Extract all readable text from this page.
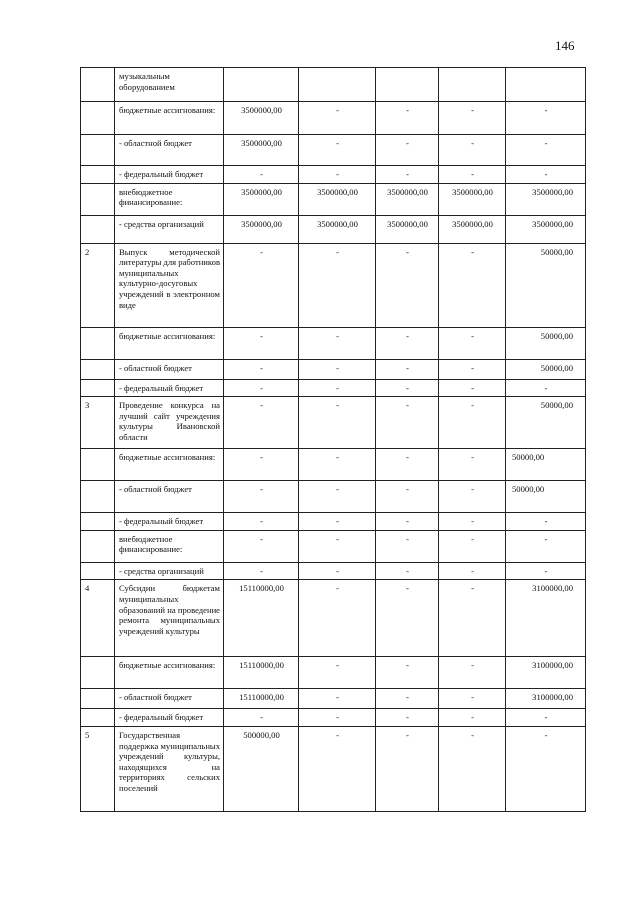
146
	музыкальным оборудованием					
	бюджетные ассигнования:	3500000,00	-	-	-	-
	- областной бюджет	3500000,00	-	-	-	-
	- федеральный бюджет	-	-	-	-	-
	внебюджетное финансирование:	3500000,00	3500000,00	3500000,00	3500000,00	3500000,00
	- средства организаций	3500000,00	3500000,00	3500000,00	3500000,00	3500000,00
2	Выпуск методической литературы для работников муниципальных культурно-досуговых учреждений в электронном виде	-	-	-	-	50000,00
	бюджетные ассигнования:	-	-	-	-	50000,00
	- областной бюджет	-	-	-	-	50000,00
	- федеральный бюджет	-	-	-	-	-
3	Проведение конкурса на лучший сайт учреждения культуры Ивановской области	-	-	-	-	50000,00
	бюджетные ассигнования:	-	-	-	-	50000,00
	- областной бюджет	-	-	-	-	50000,00
	- федеральный бюджет	-	-	-	-	-
	внебюджетное финансирование:	-	-	-	-	-
	- средства организаций	-	-	-	-	-
4	Субсидии бюджетам муниципальных образований на проведение ремонта муниципальных учреждений культуры	15110000,00	-	-	-	3100000,00
	бюджетные ассигнования:	15110000,00	-	-	-	3100000,00
	- областной бюджет	15110000,00	-	-	-	3100000,00
	- федеральный бюджет	-	-	-	-	-
5	Государственная поддержка муниципальных учреждений культуры, находящихся на территориях сельских поселений	500000,00	-	-	-	-
